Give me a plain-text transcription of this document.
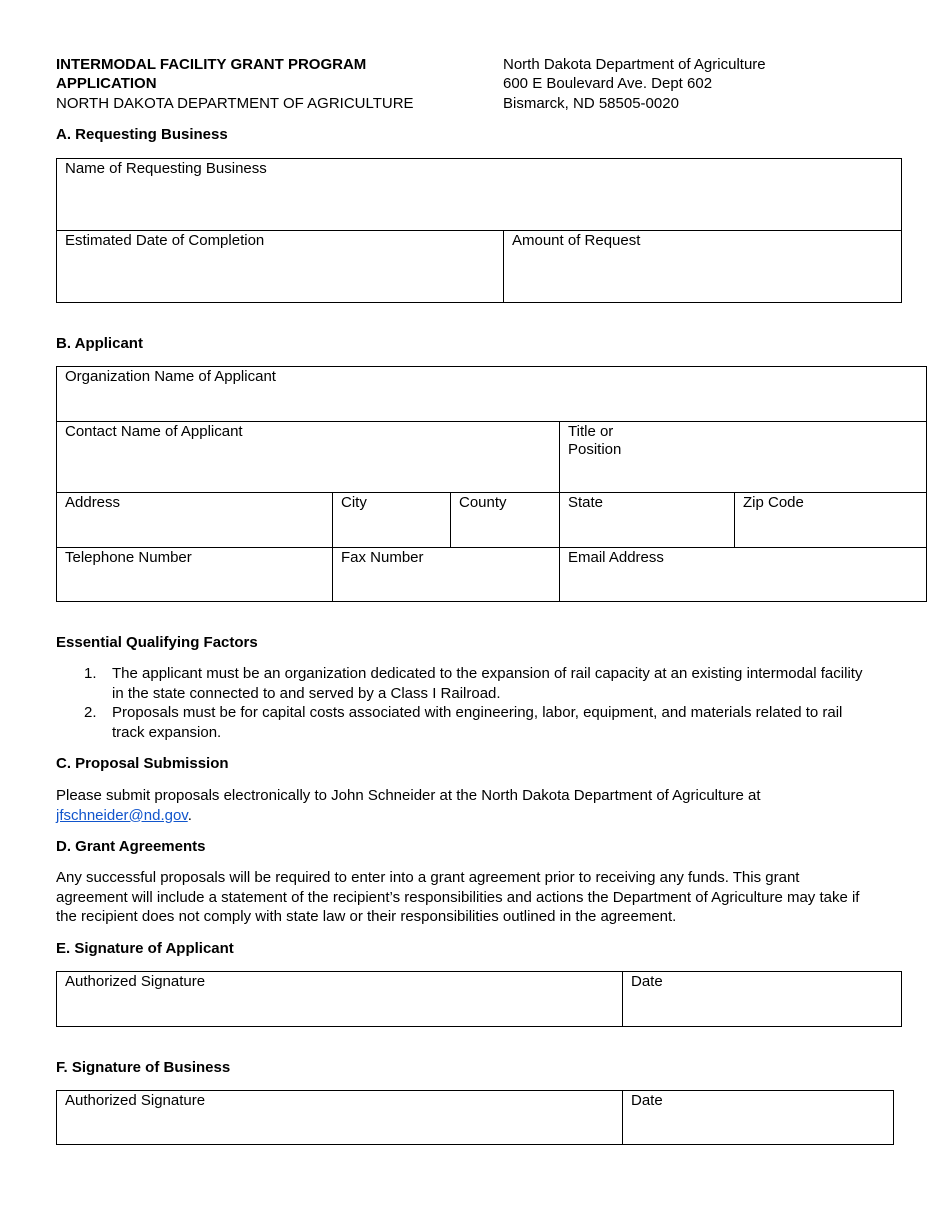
INTERMODAL FACILITY GRANT PROGRAM
APPLICATION
NORTH DAKOTA DEPARTMENT OF AGRICULTURE
North Dakota Department of Agriculture
600 E Boulevard Ave. Dept 602
Bismarck, ND 58505-0020
A. Requesting Business
Name of Requesting Business
Estimated Date of Completion	Amount of Request
B. Applicant
Organization Name of Applicant
Contact Name of Applicant	Title or
Position
Address	City	County	State	Zip Code
Telephone Number	Fax Number	Email Address
Essential Qualifying Factors
1. The applicant must be an organization dedicated to the expansion of rail capacity at an existing intermodal facility
in the state connected to and served by a Class I Railroad.
2. Proposals must be for capital costs associated with engineering, labor, equipment, and materials related to rail
track expansion.
C. Proposal Submission
Please submit proposals electronically to John Schneider at the North Dakota Department of Agriculture at
jfschneider@nd.gov.
D. Grant Agreements
Any successful proposals will be required to enter into a grant agreement prior to receiving any funds. This grant
agreement will include a statement of the recipient’s responsibilities and actions the Department of Agriculture may take if
the recipient does not comply with state law or their responsibilities outlined in the agreement.
E. Signature of Applicant
Authorized Signature	Date
F. Signature of Business
Authorized Signature	Date
